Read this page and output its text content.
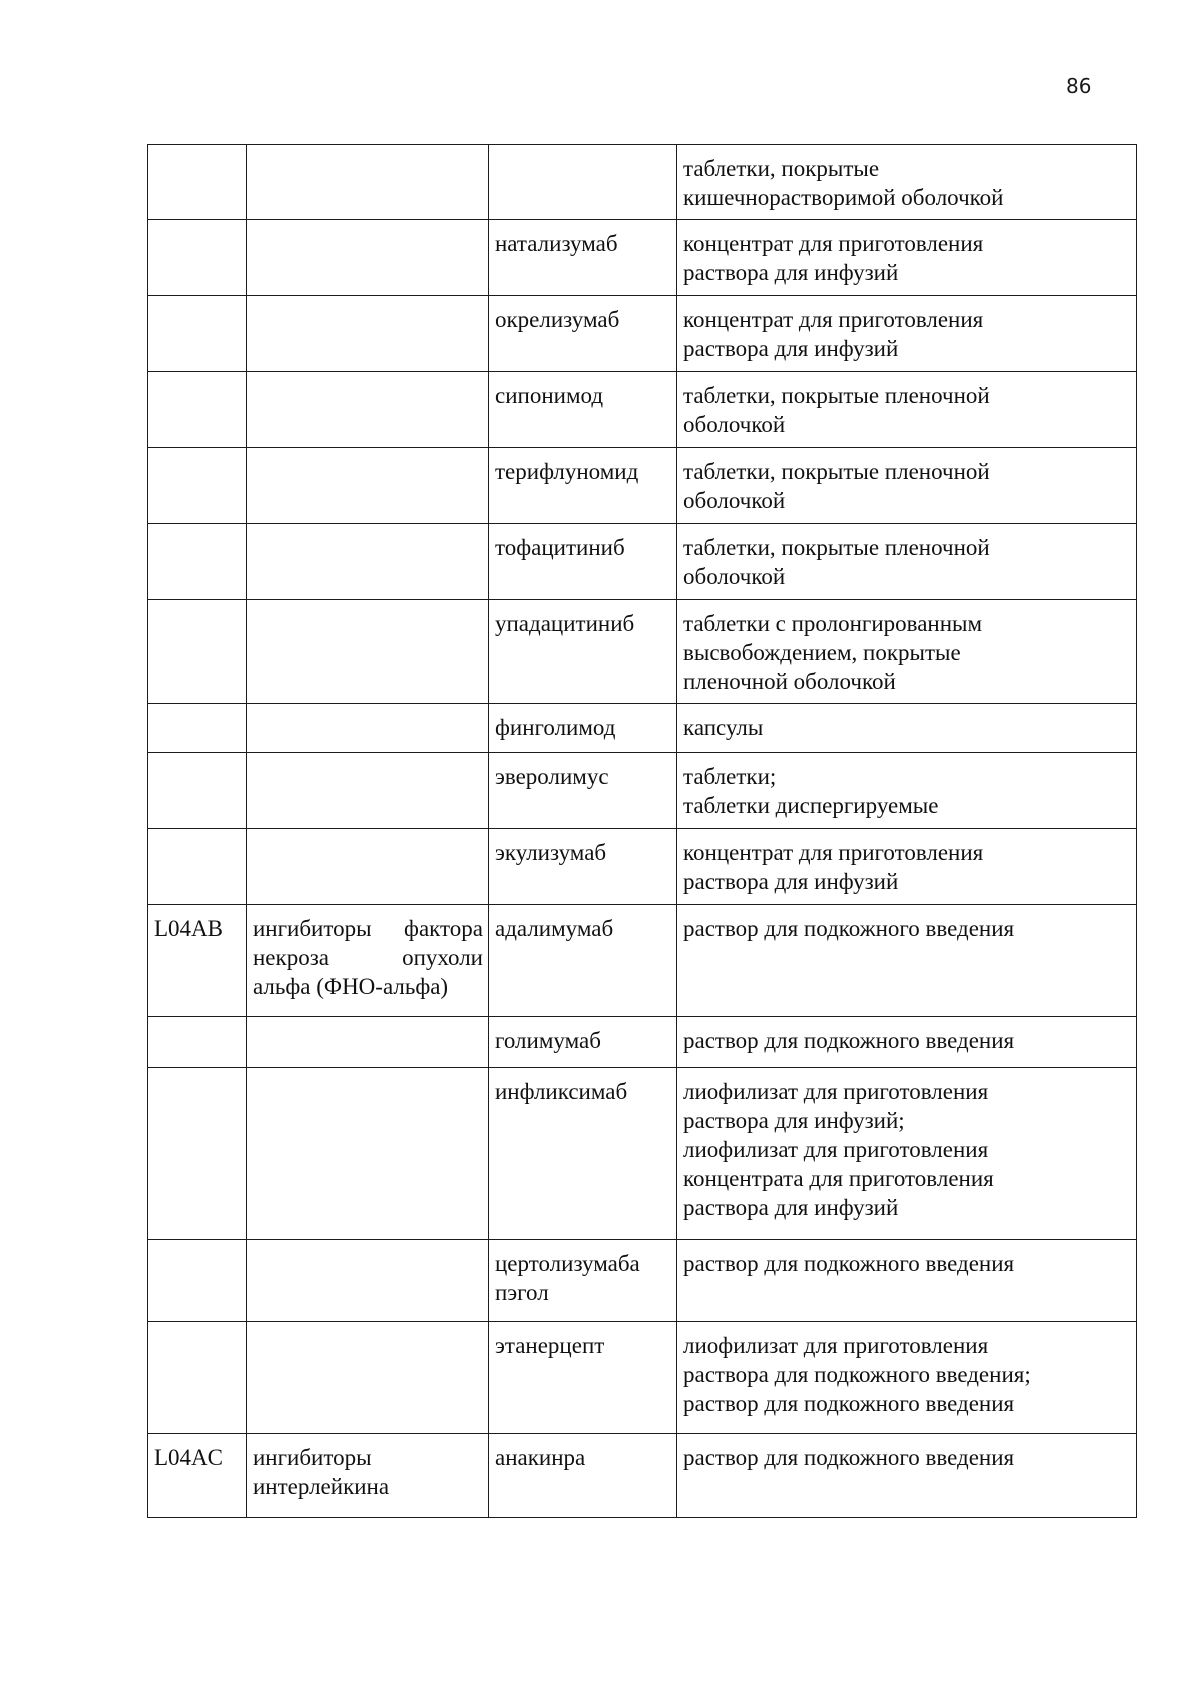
86

			таблетки, покрытые
кишечнорастворимой оболочкой

		натализумаб	концентрат для приготовления
раствора для инфузий

		окрелизумаб	концентрат для приготовления
раствора для инфузий

		сипонимод	таблетки, покрытые пленочной
оболочкой

		терифлуномид	таблетки, покрытые пленочной
оболочкой

		тофацитиниб	таблетки, покрытые пленочной
оболочкой

		упадацитиниб	таблетки с пролонгированным
высвобождением, покрытые
пленочной оболочкой

		финголимод	капсулы

		эверолимус	таблетки;
таблетки диспергируемые

		экулизумаб	концентрат для приготовления
раствора для инфузий

L04AB	ингибиторы фактора
некроза опухоли
альфа (ФНО-альфа)	адалимумаб	раствор для подкожного введения

		голимумаб	раствор для подкожного введения

		инфликсимаб	лиофилизат для приготовления
раствора для инфузий;
лиофилизат для приготовления
концентрата для приготовления
раствора для инфузий

		цертолизумаба
пэгол	раствор для подкожного введения

		этанерцепт	лиофилизат для приготовления
раствора для подкожного введения;
раствор для подкожного введения

L04AC	ингибиторы
интерлейкина	анакинра	раствор для подкожного введения
